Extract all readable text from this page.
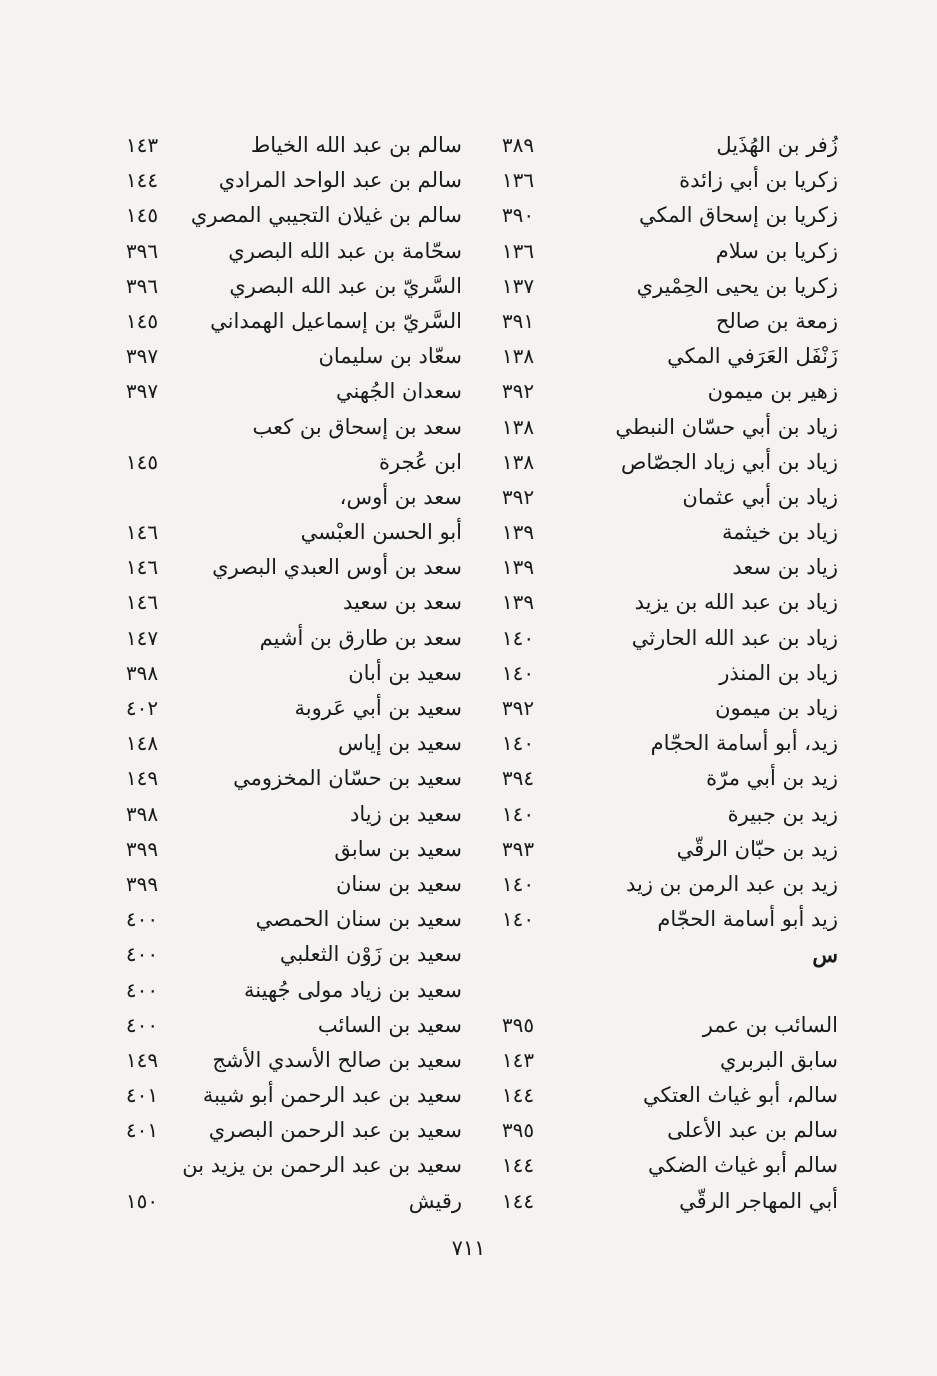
زُفر بن الهُذَيل
٣٨٩
زكريا بن أبي زائدة
١٣٦
زكريا بن إسحاق المكي
٣٩٠
زكريا بن سلام
١٣٦
زكريا بن يحيى الحِمْيري
١٣٧
زمعة بن صالح
٣٩١
زَنْفَل العَرَفي المكي
١٣٨
زهير بن ميمون
٣٩٢
زياد بن أبي حسّان النبطي
١٣٨
زياد بن أبي زياد الجصّاص
١٣٨
زياد بن أبي عثمان
٣٩٢
زياد بن خيثمة
١٣٩
زياد بن سعد
١٣٩
زياد بن عبد الله بن يزيد
١٣٩
زياد بن عبد الله الحارثي
١٤٠
زياد بن المنذر
١٤٠
زياد بن ميمون
٣٩٢
زيد، أبو أسامة الحجّام
١٤٠
زيد بن أبي مرّة
٣٩٤
زيد بن جبيرة
١٤٠
زيد بن حبّان الرقّي
٣٩٣
زيد بن عبد الرمن بن زيد
١٤٠
زيد أبو أسامة الحجّام
١٤٠
س
السائب بن عمر
٣٩٥
سابق البربري
١٤٣
سالم، أبو غياث العتكي
١٤٤
سالم بن عبد الأعلى
٣٩٥
سالم أبو غياث الضكي
١٤٤
أبي المهاجر الرقّي
١٤٤
سالم بن عبد الله الخياط
١٤٣
سالم بن عبد الواحد المرادي
١٤٤
سالم بن غيلان التجيبي المصري
١٤٥
سحّامة بن عبد الله البصري
٣٩٦
السَّريّ بن عبد الله البصري
٣٩٦
السَّريّ بن إسماعيل الهمداني
١٤٥
سعّاد بن سليمان
٣٩٧
سعدان الجُهني
٣٩٧
سعد بن إسحاق بن كعب
ابن عُجرة
١٤٥
سعد بن أوس،
أبو الحسن العبْسي
١٤٦
سعد بن أوس العبدي البصري
١٤٦
سعد بن سعيد
١٤٦
سعد بن طارق بن أشيم
١٤٧
سعيد بن أبان
٣٩٨
سعيد بن أبي عَروبة
٤٠٢
سعيد بن إياس
١٤٨
سعيد بن حسّان المخزومي
١٤٩
سعيد بن زياد
٣٩٨
سعيد بن سابق
٣٩٩
سعيد بن سنان
٣٩٩
سعيد بن سنان الحمصي
٤٠٠
سعيد بن زَوْن الثعلبي
٤٠٠
سعيد بن زياد مولى جُهينة
٤٠٠
سعيد بن السائب
٤٠٠
سعيد بن صالح الأسدي الأشج
١٤٩
سعيد بن عبد الرحمن أبو شيبة
٤٠١
سعيد بن عبد الرحمن البصري
٤٠١
سعيد بن عبد الرحمن بن يزيد بن
رقيش
١٥٠
٧١١
